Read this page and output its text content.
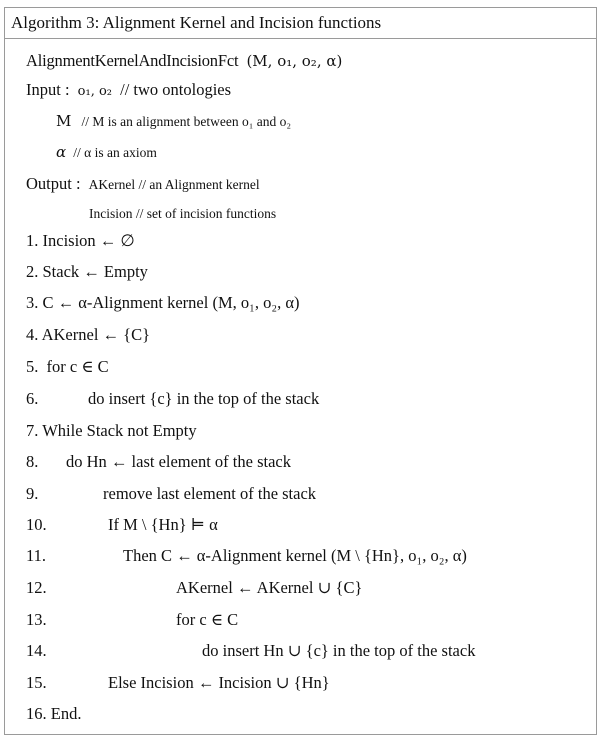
Algorithm 3: Alignment Kernel and Incision functions
AlignmentKernelAndIncisionFct (M, o₁, o₂, α)
Input : o₁, o₂ // two ontologies
M // M is an alignment between o₁ and o₂
α // α is an axiom
Output : AKernel // an Alignment kernel
Incision // set of incision functions
1. Incision ← ∅
2. Stack ← Empty
3. C ← α-Alignment kernel (M, o₁, o₂, α)
4. AKernel ← {C}
5. for c ∈ C
6.	do insert {c} in the top of the stack
7. While Stack not Empty
8. do Hn ← last element of the stack
9.	remove last element of the stack
10.	If M \ {Hn} ⊨ α
11.	Then C ← α-Alignment kernel (M \ {Hn}, o₁, o₂, α)
12.	AKernel ← AKernel ∪ {C}
13.	for c ∈ C
14.	do insert Hn ∪ {c} in the top of the stack
15.	Else Incision ← Incision ∪ {Hn}
16. End.
